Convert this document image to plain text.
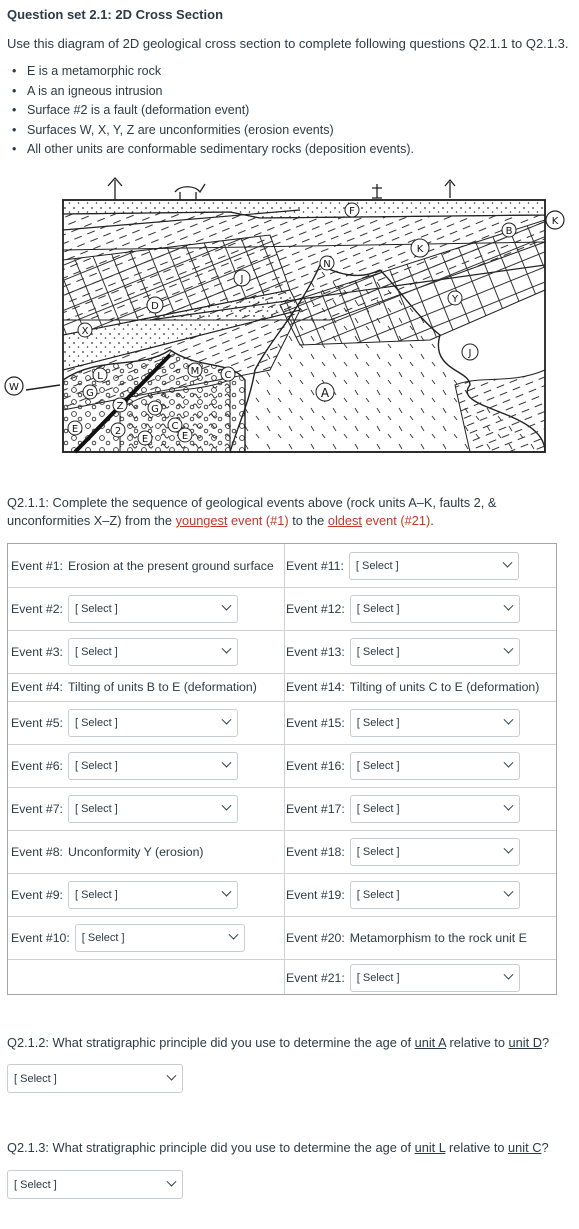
Question set 2.1: 2D Cross Section
Use this diagram of 2D geological cross section to complete following questions Q2.1.1 to Q2.1.3.
• E is a metamorphic rock
• A is an igneous intrusion
• Surface #2 is a fault (deformation event)
• Surfaces W, X, Y, Z are unconformities (erosion events)
• All other units are conformable sedimentary rocks (deposition events).
K
W
X
Y
Z
A
B
C
D
E
E
F
G
G
J
J
K
L	M
N
2	C
E
Q2.1.1: Complete the sequence of geological events above (rock units A–K, faults 2, & unconformities X–Z) from the youngest event (#1) to the oldest event (#21).
Event #1: Erosion at the present ground surface
Event #2: [ Select ]
Event #3: [ Select ]
Event #4: Tilting of units B to E (deformation)
Event #5: [ Select ]
Event #6: [ Select ]
Event #7: [ Select ]
Event #8: Unconformity Y (erosion)
Event #9: [ Select ]
Event #10: [ Select ]
Event #11: [ Select ]
Event #12: [ Select ]
Event #13: [ Select ]
Event #14: Tilting of units C to E (deformation)
Event #15: [ Select ]
Event #16: [ Select ]
Event #17: [ Select ]
Event #18: [ Select ]
Event #19: [ Select ]
Event #20: Metamorphism to the rock unit E
Event #21: [ Select ]
Q2.1.2: What stratigraphic principle did you use to determine the age of unit A relative to unit D?
[ Select ]
Q2.1.3: What stratigraphic principle did you use to determine the age of unit L relative to unit C?
[ Select ]
